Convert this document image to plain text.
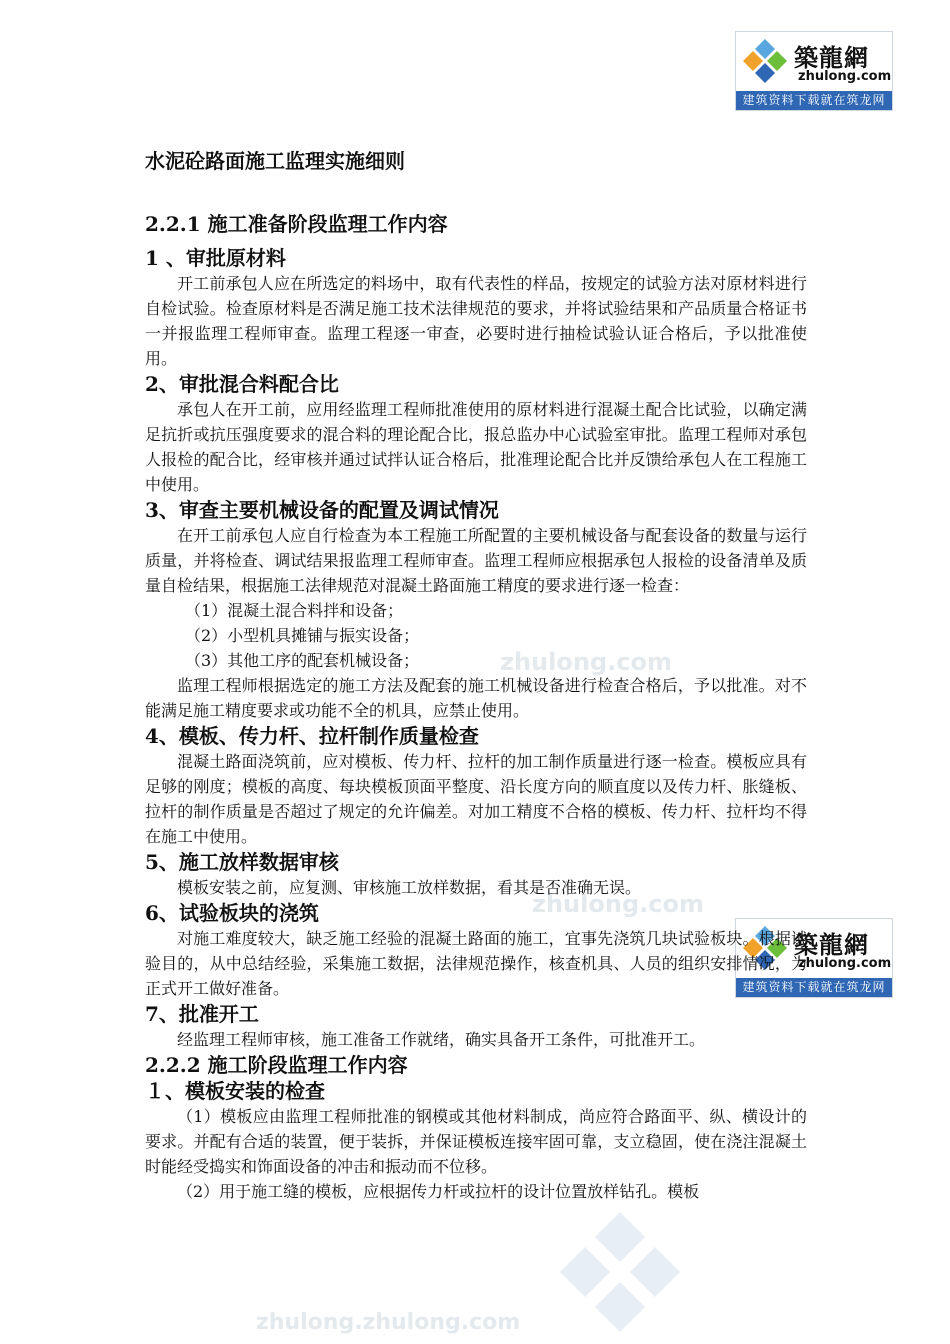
zhulong.com
zhulong.com
zhulong.zhulong.com
築龍網
zhulong.com
建筑资料下载就在筑龙网
築龍網
zhulong.com
建筑资料下载就在筑龙网
水泥砼路面施工监理实施细则
2.2.1 施工准备阶段监理工作内容
1 、审批原材料
开工前承包人应在所选定的料场中，取有代表性的样品，按规定的试验方法对原材料进行自检试验。检查原材料是否满足施工技术法律规范的要求，并将试验结果和产品质量合格证书一并报监理工程师审查。监理工程逐一审查，必要时进行抽检试验认证合格后，予以批准使用。
2、审批混合料配合比
承包人在开工前，应用经监理工程师批准使用的原材料进行混凝土配合比试验，以确定满足抗折或抗压强度要求的混合料的理论配合比，报总监办中心试验室审批。监理工程师对承包人报检的配合比，经审核并通过试拌认证合格后，批准理论配合比并反馈给承包人在工程施工中使用。
3、审查主要机械设备的配置及调试情况
在开工前承包人应自行检查为本工程施工所配置的主要机械设备与配套设备的数量与运行质量，并将检查、调试结果报监理工程师审查。监理工程师应根据承包人报检的设备清单及质量自检结果，根据施工法律规范对混凝土路面施工精度的要求进行逐一检查：
（1）混凝土混合料拌和设备；
（2）小型机具摊铺与振实设备；
（3）其他工序的配套机械设备；
监理工程师根据选定的施工方法及配套的施工机械设备进行检查合格后，予以批准。对不能满足施工精度要求或功能不全的机具，应禁止使用。
4、模板、传力杆、拉杆制作质量检查
混凝土路面浇筑前，应对模板、传力杆、拉杆的加工制作质量进行逐一检查。模板应具有足够的刚度；模板的高度、每块模板顶面平整度、沿长度方向的顺直度以及传力杆、胀缝板、拉杆的制作质量是否超过了规定的允许偏差。对加工精度不合格的模板、传力杆、拉杆均不得在施工中使用。
5、施工放样数据审核
模板安装之前，应复测、审核施工放样数据，看其是否准确无误。
6、试验板块的浇筑
对施工难度较大，缺乏施工经验的混凝土路面的施工，宜事先浇筑几块试验板块。根据试验目的，从中总结经验，采集施工数据，法律规范操作，核查机具、人员的组织安排情况，为正式开工做好准备。
7、批准开工
经监理工程师审核，施工准备工作就绪，确实具备开工条件，可批准开工。
2.2.2 施工阶段监理工作内容
１、模板安装的检查
（1）模板应由监理工程师批准的钢模或其他材料制成，尚应符合路面平、纵、横设计的要求。并配有合适的装置，便于装拆，并保证模板连接牢固可靠，支立稳固，使在浇注混凝土时能经受捣实和饰面设备的冲击和振动而不位移。
（2）用于施工缝的模板，应根据传力杆或拉杆的设计位置放样钻孔。模板
